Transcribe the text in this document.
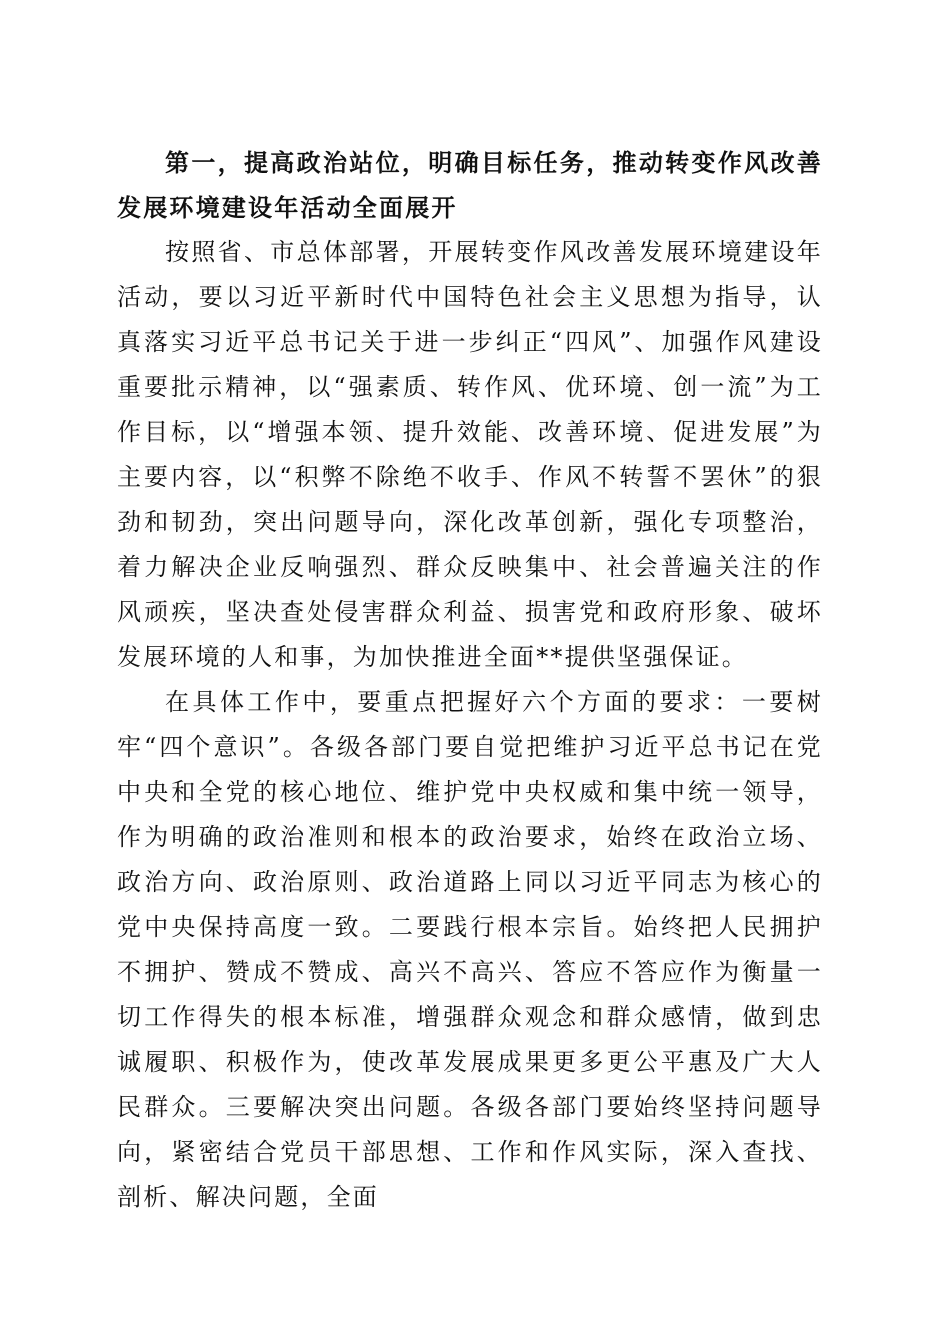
第一，提高政治站位，明确目标任务，推动转变作风改善发展环境建设年活动全面展开

按照省、市总体部署，开展转变作风改善发展环境建设年活动，要以习近平新时代中国特色社会主义思想为指导，认真落实习近平总书记关于进一步纠正“四风”、加强作风建设重要批示精神，以“强素质、转作风、优环境、创一流”为工作目标，以“增强本领、提升效能、改善环境、促进发展”为主要内容，以“积弊不除绝不收手、作风不转誓不罢休”的狠劲和韧劲，突出问题导向，深化改革创新，强化专项整治，着力解决企业反响强烈、群众反映集中、社会普遍关注的作风顽疾，坚决查处侵害群众利益、损害党和政府形象、破坏发展环境的人和事，为加快推进全面**提供坚强保证。

在具体工作中，要重点把握好六个方面的要求：一要树牢“四个意识”。各级各部门要自觉把维护习近平总书记在党中央和全党的核心地位、维护党中央权威和集中统一领导，作为明确的政治准则和根本的政治要求，始终在政治立场、政治方向、政治原则、政治道路上同以习近平同志为核心的党中央保持高度一致。二要践行根本宗旨。始终把人民拥护不拥护、赞成不赞成、高兴不高兴、答应不答应作为衡量一切工作得失的根本标准，增强群众观念和群众感情，做到忠诚履职、积极作为，使改革发展成果更多更公平惠及广大人民群众。三要解决突出问题。各级各部门要始终坚持问题导向，紧密结合党员干部思想、工作和作风实际，深入查找、剖析、解决问题，全面
